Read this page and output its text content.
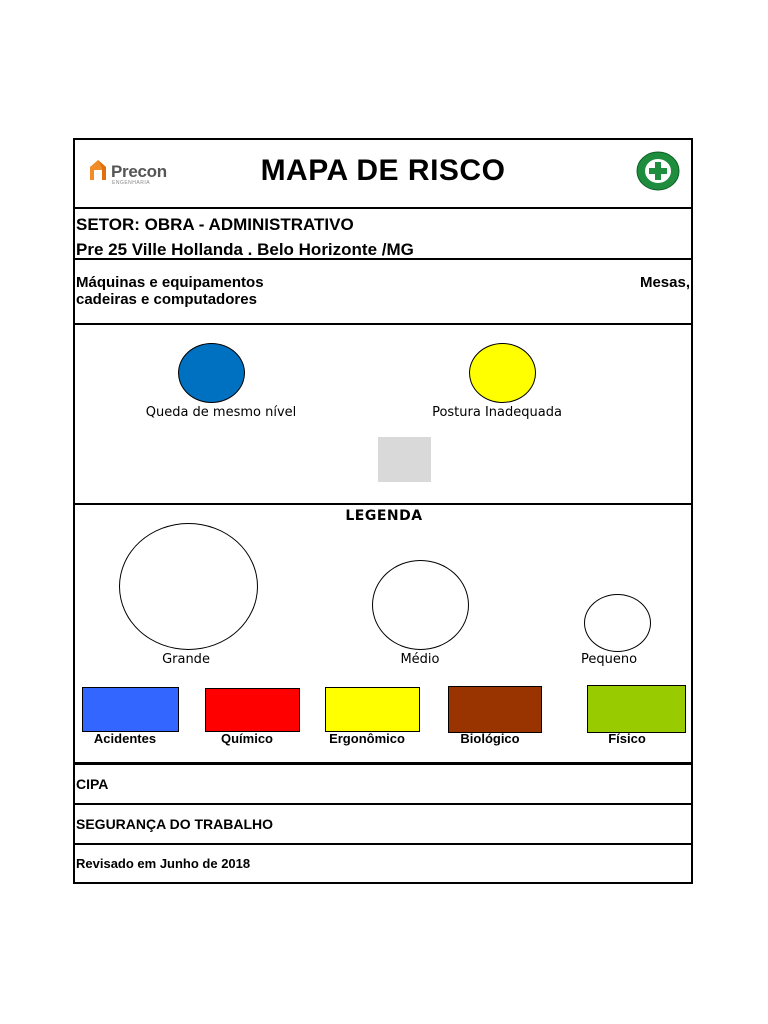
Precon
ENGENHARIA	MAPA DE RISCO
SETOR: OBRA - ADMINISTRATIVO
Pre 25 Ville Hollanda . Belo Horizonte /MG
Máquinas e equipamentos	Mesas,
cadeiras e computadores
Queda de mesmo nível	Postura Inadequada
LEGENDA
Grande	Médio	Pequeno
Acidentes	Químico	Ergonômico	Biológico	Físico
CIPA
SEGURANÇA DO TRABALHO
Revisado em Junho de 2018
